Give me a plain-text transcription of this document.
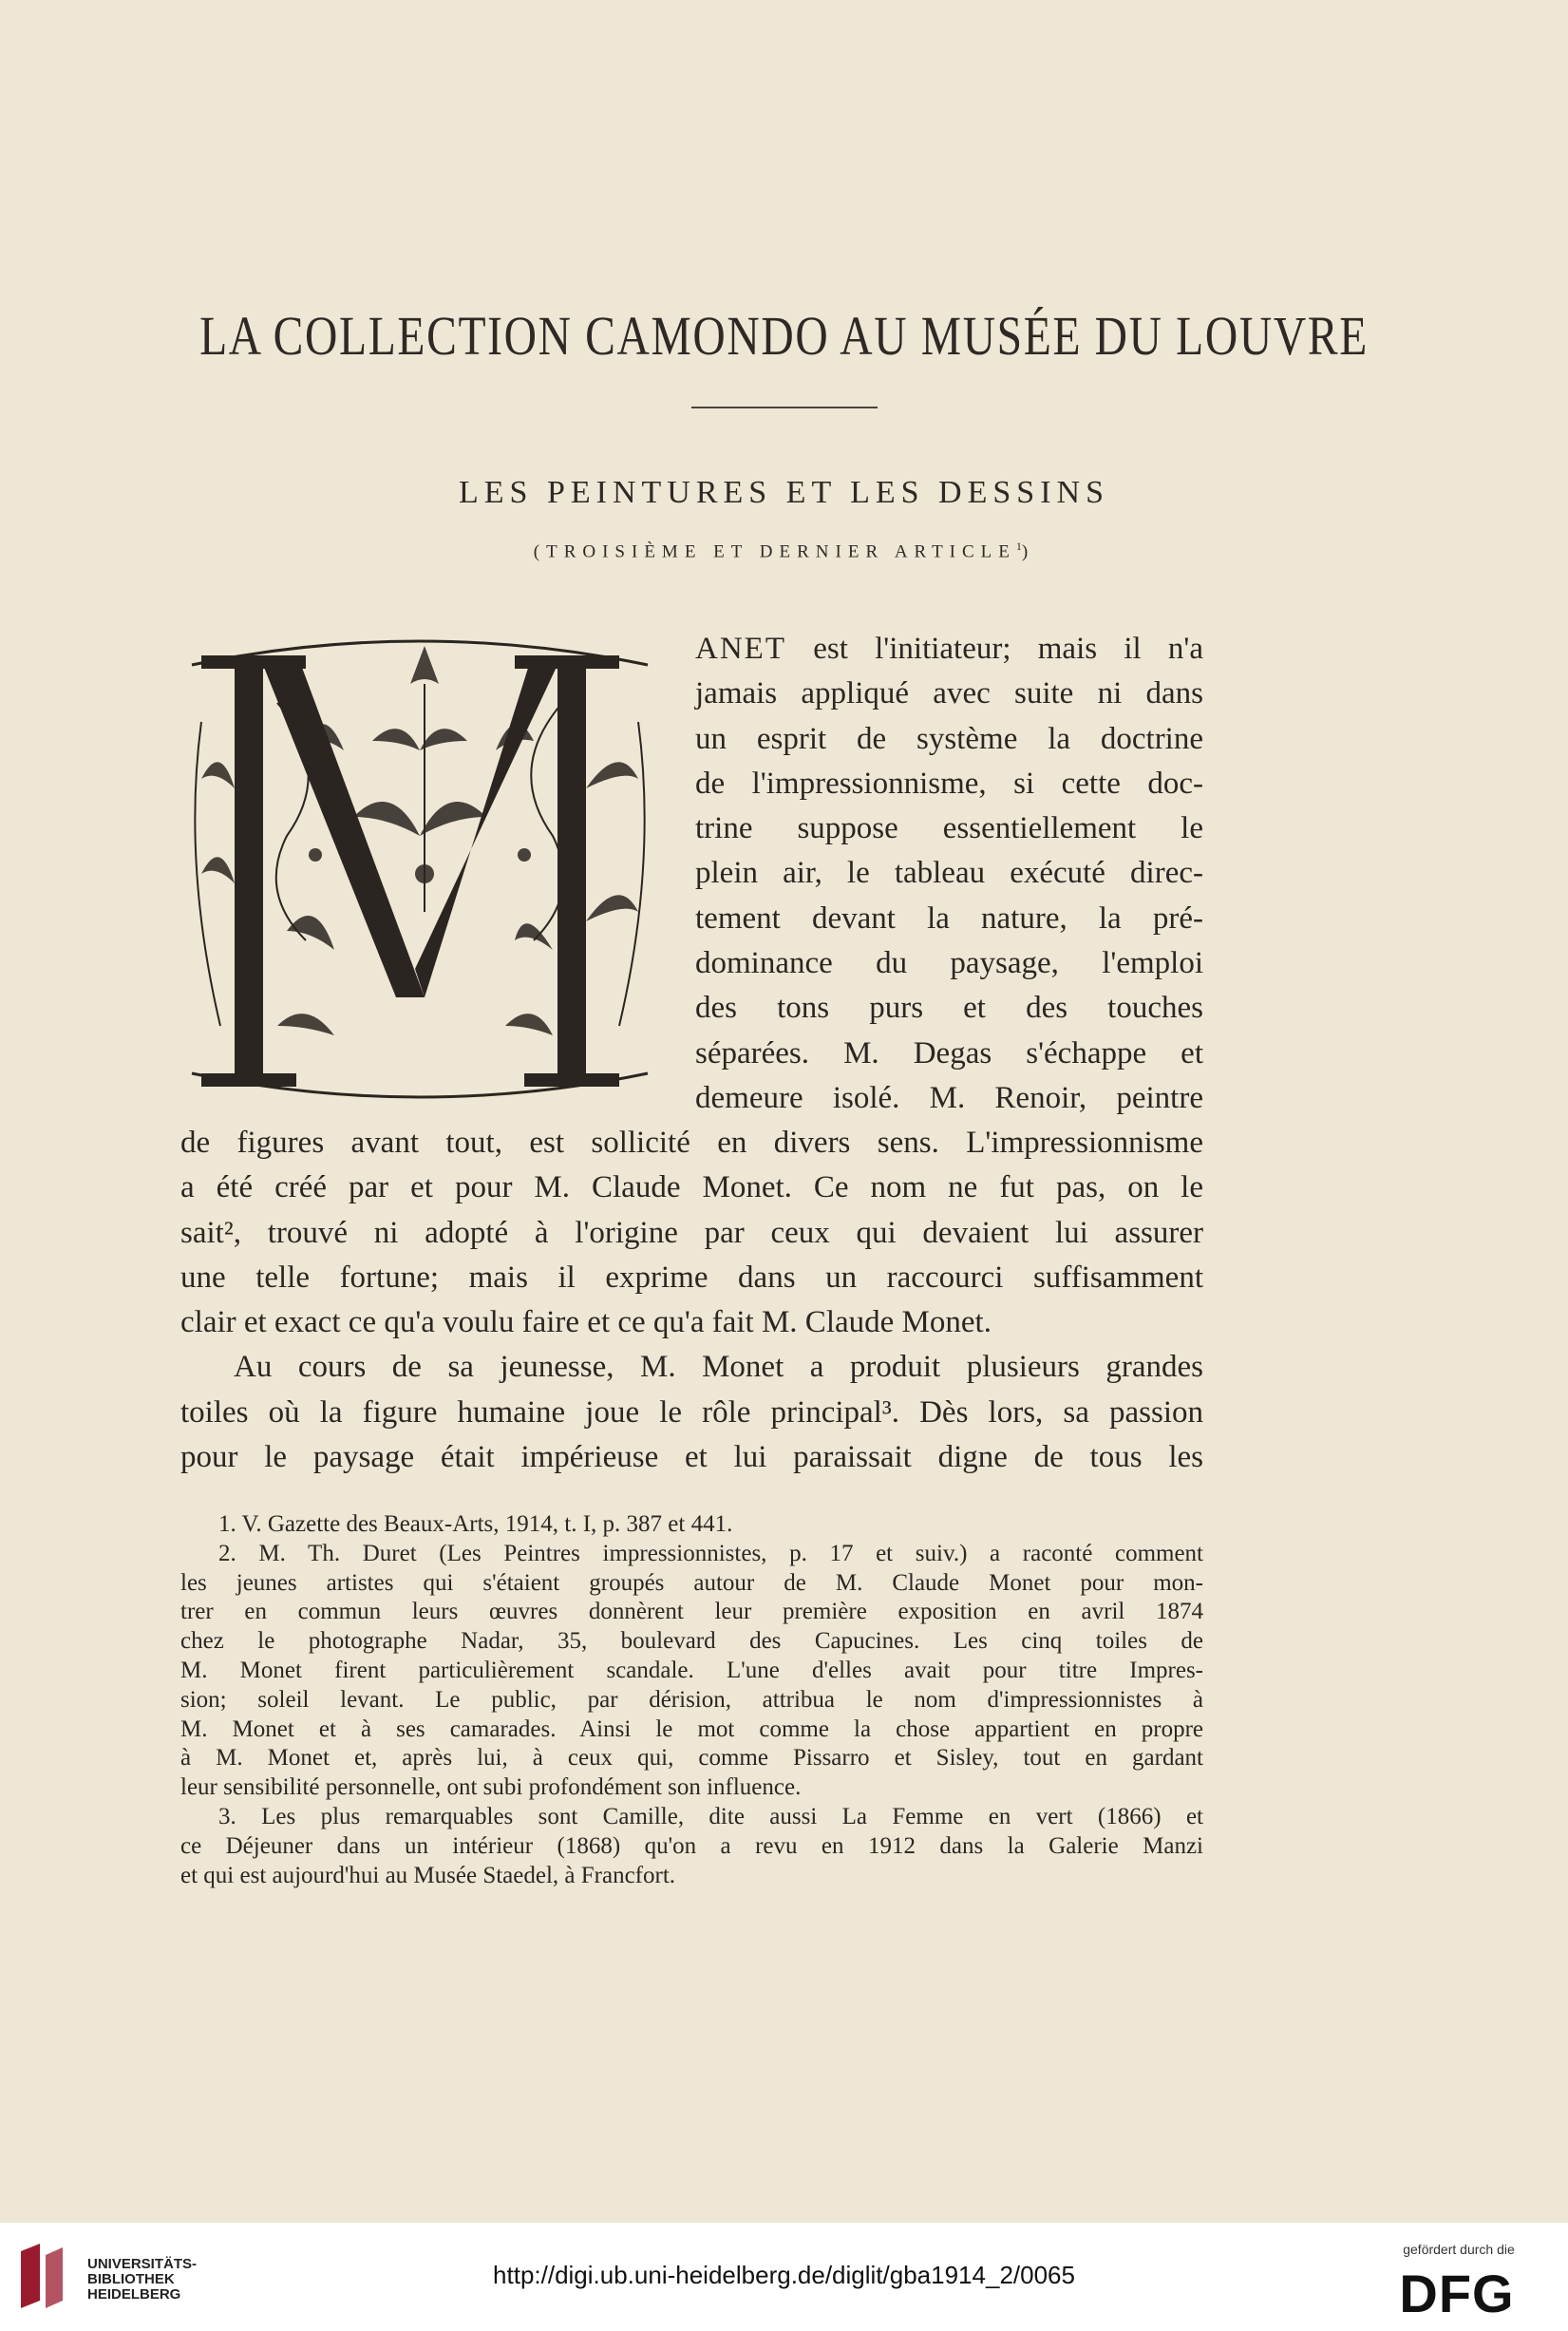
LA COLLECTION CAMONDO AU MUSÉE DU LOUVRE
LES PEINTURES ET LES DESSINS
(TROISIÈME ET DERNIER ARTICLE$^1$)
ANET est l'initiateur; mais il n'a
jamais appliqué avec suite ni dans
un esprit de système la doctrine
de l'impressionnisme, si cette doc-
trine suppose essentiellement le
plein air, le tableau exécuté direc-
tement devant la nature, la pré-
dominance du paysage, l'emploi
des tons purs et des touches
séparées. M. Degas s'échappe et
demeure isolé. M. Renoir, peintre
de figures avant tout, est sollicité en divers sens. L'impressionnisme
a été créé par et pour M. Claude Monet. Ce nom ne fut pas, on le
sait², trouvé ni adopté à l'origine par ceux qui devaient lui assurer
une telle fortune; mais il exprime dans un raccourci suffisamment
clair et exact ce qu'a voulu faire et ce qu'a fait M. Claude Monet.
Au cours de sa jeunesse, M. Monet a produit plusieurs grandes
toiles où la figure humaine joue le rôle principal³. Dès lors, sa passion
pour le paysage était impérieuse et lui paraissait digne de tous les
1. V. Gazette des Beaux-Arts, 1914, t. I, p. 387 et 441.
2. M. Th. Duret (Les Peintres impressionnistes, p. 17 et suiv.) a raconté comment
les jeunes artistes qui s'étaient groupés autour de M. Claude Monet pour mon-
trer en commun leurs œuvres donnèrent leur première exposition en avril 1874
chez le photographe Nadar, 35, boulevard des Capucines. Les cinq toiles de
M. Monet firent particulièrement scandale. L'une d'elles avait pour titre Impres-
sion; soleil levant. Le public, par dérision, attribua le nom d'impressionnistes à
M. Monet et à ses camarades. Ainsi le mot comme la chose appartient en propre
à M. Monet et, après lui, à ceux qui, comme Pissarro et Sisley, tout en gardant
leur sensibilité personnelle, ont subi profondément son influence.
3. Les plus remarquables sont Camille, dite aussi La Femme en vert (1866) et
ce Déjeuner dans un intérieur (1868) qu'on a revu en 1912 dans la Galerie Manzi
et qui est aujourd'hui au Musée Staedel, à Francfort.
UNIVERSITÄTS-
BIBLIOTHEK
HEIDELBERG
http://digi.ub.uni-heidelberg.de/diglit/gba1914_2/0065
gefördert durch die
DFG
